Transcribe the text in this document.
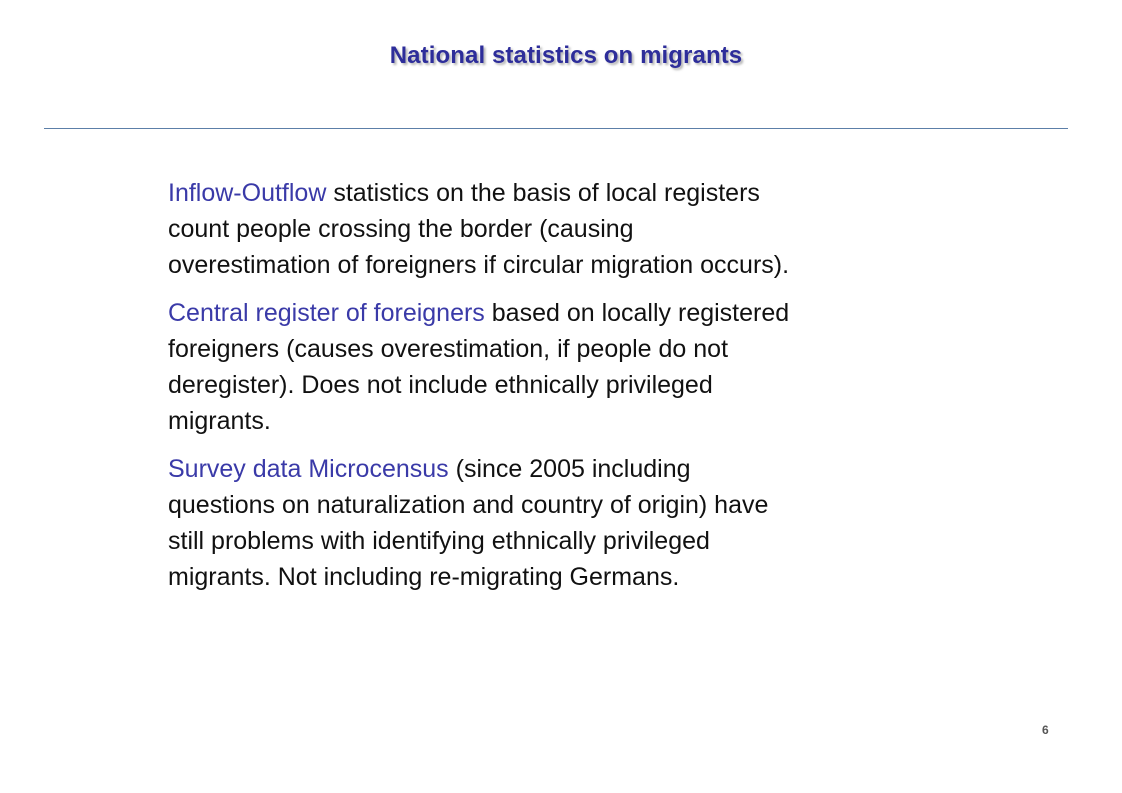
National statistics on migrants

Inflow-Outflow statistics on the basis of local registers
count people crossing the border (causing
overestimation of foreigners if circular migration occurs).

Central register of foreigners based on locally registered
foreigners (causes overestimation, if people do not
deregister). Does not include ethnically privileged
migrants.

Survey data Microcensus (since 2005 including
questions on naturalization and country of origin) have
still problems with identifying ethnically privileged
migrants. Not including re-migrating Germans.

6
